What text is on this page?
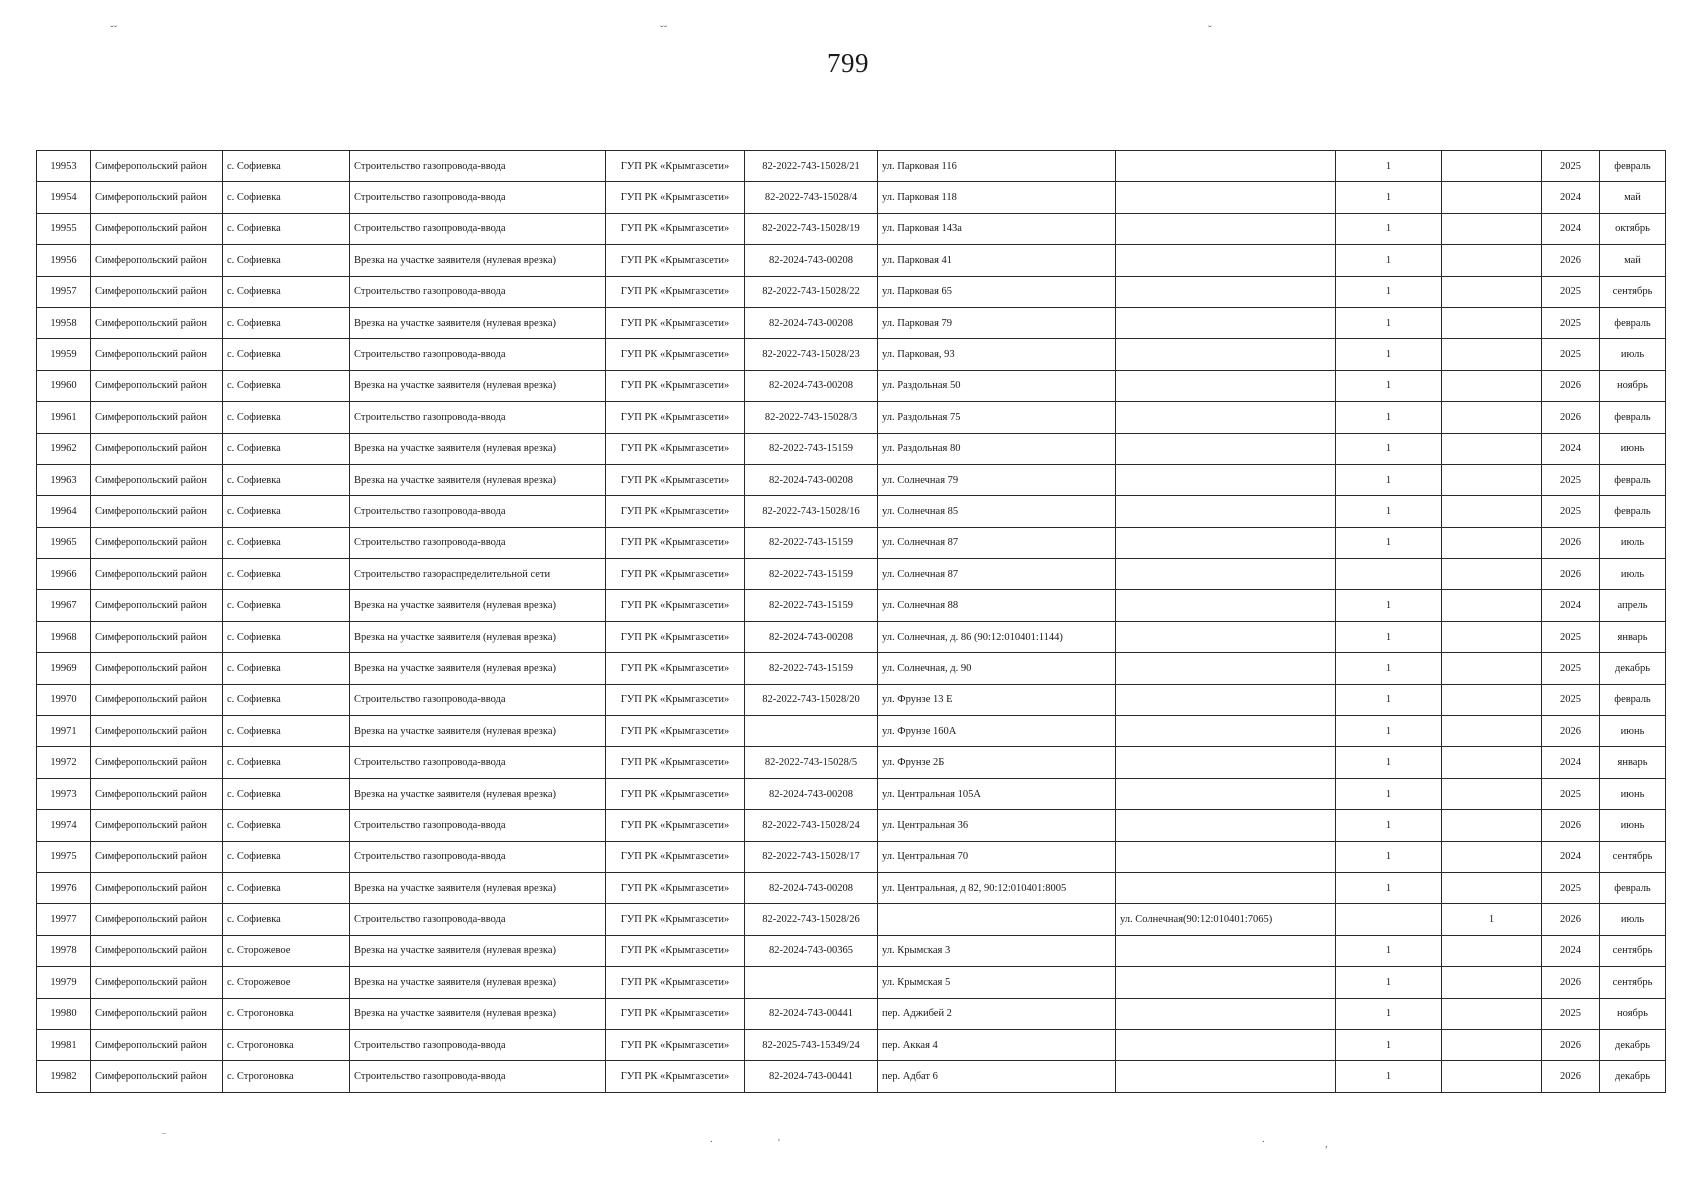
ˇˇ	ˇˇ	ˇ
799
19953	Симферопольский район	с. Софиевка	Строительство газопровода-ввода	ГУП РК «Крымгазсети»	82-2022-743-15028/21	ул. Парковая 116		1		2025	февраль
19954	Симферопольский район	с. Софиевка	Строительство газопровода-ввода	ГУП РК «Крымгазсети»	82-2022-743-15028/4	ул. Парковая 118		1		2024	май
19955	Симферопольский район	с. Софиевка	Строительство газопровода-ввода	ГУП РК «Крымгазсети»	82-2022-743-15028/19	ул. Парковая 143а		1		2024	октябрь
19956	Симферопольский район	с. Софиевка	Врезка на участке заявителя (нулевая врезка)	ГУП РК «Крымгазсети»	82-2024-743-00208	ул. Парковая 41		1		2026	май
19957	Симферопольский район	с. Софиевка	Строительство газопровода-ввода	ГУП РК «Крымгазсети»	82-2022-743-15028/22	ул. Парковая 65		1		2025	сентябрь
19958	Симферопольский район	с. Софиевка	Врезка на участке заявителя (нулевая врезка)	ГУП РК «Крымгазсети»	82-2024-743-00208	ул. Парковая 79		1		2025	февраль
19959	Симферопольский район	с. Софиевка	Строительство газопровода-ввода	ГУП РК «Крымгазсети»	82-2022-743-15028/23	ул. Парковая, 93		1		2025	июль
19960	Симферопольский район	с. Софиевка	Врезка на участке заявителя (нулевая врезка)	ГУП РК «Крымгазсети»	82-2024-743-00208	ул. Раздольная 50		1		2026	ноябрь
19961	Симферопольский район	с. Софиевка	Строительство газопровода-ввода	ГУП РК «Крымгазсети»	82-2022-743-15028/3	ул. Раздольная 75		1		2026	февраль
19962	Симферопольский район	с. Софиевка	Врезка на участке заявителя (нулевая врезка)	ГУП РК «Крымгазсети»	82-2022-743-15159	ул. Раздольная 80		1		2024	июнь
19963	Симферопольский район	с. Софиевка	Врезка на участке заявителя (нулевая врезка)	ГУП РК «Крымгазсети»	82-2024-743-00208	ул. Солнечная 79		1		2025	февраль
19964	Симферопольский район	с. Софиевка	Строительство газопровода-ввода	ГУП РК «Крымгазсети»	82-2022-743-15028/16	ул. Солнечная 85		1		2025	февраль
19965	Симферопольский район	с. Софиевка	Строительство газопровода-ввода	ГУП РК «Крымгазсети»	82-2022-743-15159	ул. Солнечная 87		1		2026	июль
19966	Симферопольский район	с. Софиевка	Строительство газораспределительной сети	ГУП РК «Крымгазсети»	82-2022-743-15159	ул. Солнечная 87				2026	июль
19967	Симферопольский район	с. Софиевка	Врезка на участке заявителя (нулевая врезка)	ГУП РК «Крымгазсети»	82-2022-743-15159	ул. Солнечная 88		1		2024	апрель
19968	Симферопольский район	с. Софиевка	Врезка на участке заявителя (нулевая врезка)	ГУП РК «Крымгазсети»	82-2024-743-00208	ул. Солнечная, д. 86 (90:12:010401:1144)		1		2025	январь
19969	Симферопольский район	с. Софиевка	Врезка на участке заявителя (нулевая врезка)	ГУП РК «Крымгазсети»	82-2022-743-15159	ул. Солнечная, д. 90		1		2025	декабрь
19970	Симферопольский район	с. Софиевка	Строительство газопровода-ввода	ГУП РК «Крымгазсети»	82-2022-743-15028/20	ул. Фрунзе 13 Е		1		2025	февраль
19971	Симферопольский район	с. Софиевка	Врезка на участке заявителя (нулевая врезка)	ГУП РК «Крымгазсети»		ул. Фрунзе 160А		1		2026	июнь
19972	Симферопольский район	с. Софиевка	Строительство газопровода-ввода	ГУП РК «Крымгазсети»	82-2022-743-15028/5	ул. Фрунзе 2Б		1		2024	январь
19973	Симферопольский район	с. Софиевка	Врезка на участке заявителя (нулевая врезка)	ГУП РК «Крымгазсети»	82-2024-743-00208	ул. Центральная 105А		1		2025	июнь
19974	Симферопольский район	с. Софиевка	Строительство газопровода-ввода	ГУП РК «Крымгазсети»	82-2022-743-15028/24	ул. Центральная 36		1		2026	июнь
19975	Симферопольский район	с. Софиевка	Строительство газопровода-ввода	ГУП РК «Крымгазсети»	82-2022-743-15028/17	ул. Центральная 70		1		2024	сентябрь
19976	Симферопольский район	с. Софиевка	Врезка на участке заявителя (нулевая врезка)	ГУП РК «Крымгазсети»	82-2024-743-00208	ул. Центральная, д 82, 90:12:010401:8005		1		2025	февраль
19977	Симферопольский район	с. Софиевка	Строительство газопровода-ввода	ГУП РК «Крымгазсети»	82-2022-743-15028/26		ул. Солнечная(90:12:010401:7065)		1	2026	июль
19978	Симферопольский район	с. Сторожевое	Врезка на участке заявителя (нулевая врезка)	ГУП РК «Крымгазсети»	82-2024-743-00365	ул. Крымская 3		1		2024	сентябрь
19979	Симферопольский район	с. Сторожевое	Врезка на участке заявителя (нулевая врезка)	ГУП РК «Крымгазсети»		ул. Крымская 5		1		2026	сентябрь
19980	Симферопольский район	с. Строгоновка	Врезка на участке заявителя (нулевая врезка)	ГУП РК «Крымгазсети»	82-2024-743-00441	пер. Аджибей 2		1		2025	ноябрь
19981	Симферопольский район	с. Строгоновка	Строительство газопровода-ввода	ГУП РК «Крымгазсети»	82-2025-743-15349/24	пер. Аккая 4		1		2026	декабрь
19982	Симферопольский район	с. Строгоновка	Строительство газопровода-ввода	ГУП РК «Крымгазсети»	82-2024-743-00441	пер. Адбат 6		1		2026	декабрь
‾	.	'	.	,
